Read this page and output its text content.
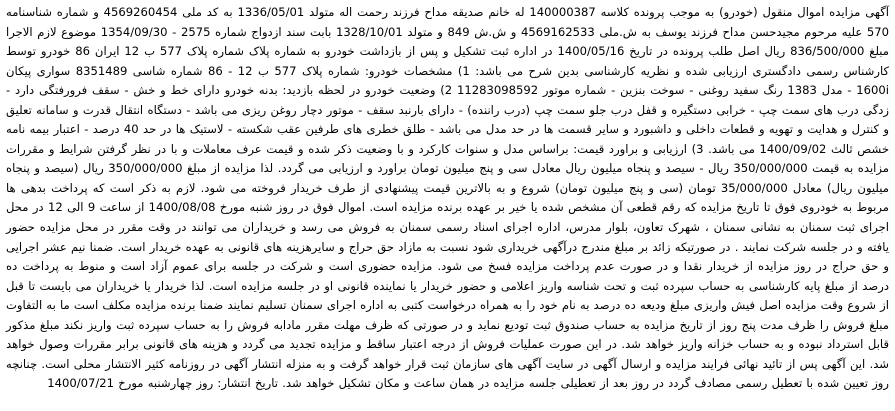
آگهی مزایده اموال منقول (خودرو) به موجب پرونده کلاسه 140000387 له خانم صدیقه مداح فرزند رحمت اله متولد 1336/05/01 به کد ملی 4569260454 و شماره شناسنامه 570 علیه مرحوم مجیدحسن مداح فرزند یوسف به ش.ملی 4569162533 و ش.ش 849 و متولد 1328/10/01 بابت سند ازدواج شماره 2575 - 1354/09/30 موضوع لازم الاجرا مبلغ 836/500/000 ریال اصل طلب پرونده در تاریخ 1400/05/16 در اداره ثبت تشکیل و پس از بازداشت خودرو به شماره پلاک شماره پلاک 577 ب 12 ایران 86 خودرو توسط کارشناس رسمی دادگستری ارزیابی شده و نظریه کارشناسی بدین شرح می باشد: 1) مشخصات خودرو: شماره پلاک 577 ب 12 - 86 شماره شاسی 8351489 سواری پیکان 1600i - مدل 1383 رنگ سفید روغنی - سوخت بنزین - شماره موتور 11283098592 2) وضعیت خودرو در لحظه بازدید: بدنه خودرو دارای خط و خش - سقف فرورفتگی دارد - زدگی درب های سمت چپ - خرابی دستگیره و قفل درب جلو سمت چپ (درب راننده) - دارای بارنبد سقف - موتور دچار روغن ریزی می باشد - دستگاه انتقال قدرت و سامانه تعلیق و کنترل و هدایت و تهویه و قطعات داخلی و داشبورد و سایر قسمت ها در حد مدل می باشد - طلق خطری های طرفین عقب شکسته - لاستیک ها در حد 40 درصد - اعتبار بیمه نامه خشص ثالث 1400/09/02 می باشد. 3) ارزیابی و براورد قیمت: براساس مدل و سنوات کارکرد و با وضعیت ذکر شده و قیمت عرف معاملات و با در نظر گرفتن شرایط و مقررات مزایده به قیمت 350/000/000 ریال - سیصد و پنجاه میلیون ریال معادل سی و پنج میلیون تومان براورد و ارزیابی می گردد. لذا مزایده از مبلغ 350/000/000 ریال (سیصد و پنجاه میلیون ریال) معادل 35/000/000 تومان (سی و پنج میلیون تومان) شروع و به بالاترین قیمت پیشنهادی از طرف خریدار فروخته می شود. لازم به ذکر است که پرداخت بدهی ها مربوط به خودروی فوق تا تاریخ مزایده که رقم قطعی آن مشخص شده یا خیر بر عهده برنده مزایده است. اموال فوق در روز شنبه مورخ 1400/08/08 از ساعت 9 الی 12 در محل اجرای ثبت سمنان به نشانی سمنان ، شهرک تعاون، بلوار مدرس، اداره اجرای اسناد رسمی سمنان به فروش می رسد و خریداران می توانند در وقت مقرر در محل مزایده حضور یافته و در جلسه شرکت نمایند . در صورتیکه زائد بر مبلغ مندرج درآگهی خریداری شود نسبت به مازاد حق حراج و سایرهزینه های قانونی به عهده خریدار است. ضمنا نیم عشر اجرایی و حق حراج در روز مزایده از خریدار نقدا و در صورت عدم پرداخت مزایده فسخ می شود. مزایده حضوری است و شرکت در جلسه برای عموم آزاد است و منوط به پرداخت ده درصد از مبلغ پایه کارشناسی به حساب سپرده ثبت و تحت شناسه واریز اعلامی و حضور خریدار یا نماینده قانونی او در جلسه مزایده است. لذا خریدار یا خریداران می بایست تا قبل از شروع وقت مزایده اصل فیش واریزی مبلغ ودیعه ده درصد به نام خود را به همراه درخواست کتبی به اداره اجرای سمنان تسلیم نمایند ضمنا برنده مزایده مکلف است ما به التفاوت مبلغ فروش را ظرف مدت پنج روز از تاریخ مزایده به حساب صندوق ثبت تودیع نماید و در صورتی که ظرف مهلت مقرر مادابه فروش را به حساب سپرده ثبت واریز نکند مبلغ مذکور قابل استرداد نبوده و به حساب خزانه واریز خواهد شد. در این صورت عملیات فروش از درجه اعتبار ساقط و مزایده تجدید می گردد و هزینه های قانونی برابر مقررات وصول خواهد شد. این آگهی پس از تائید نهائی فرایند مزایده و ارسال آگهی در سایت آگهی های سازمان ثبت قرار خواهد گرفت و به منزله انتشار آگهی در روزنامه کثیر الانتشار محلی است. چنانچه روز تعیین شده با تعطیل رسمی مصادف گردد در روز بعد از تعطیلی جلسه مزایده در همان ساعت و مکان تشکیل خواهد شد. تاریخ انتشار: روز چهارشنبه مورخ 1400/07/21
